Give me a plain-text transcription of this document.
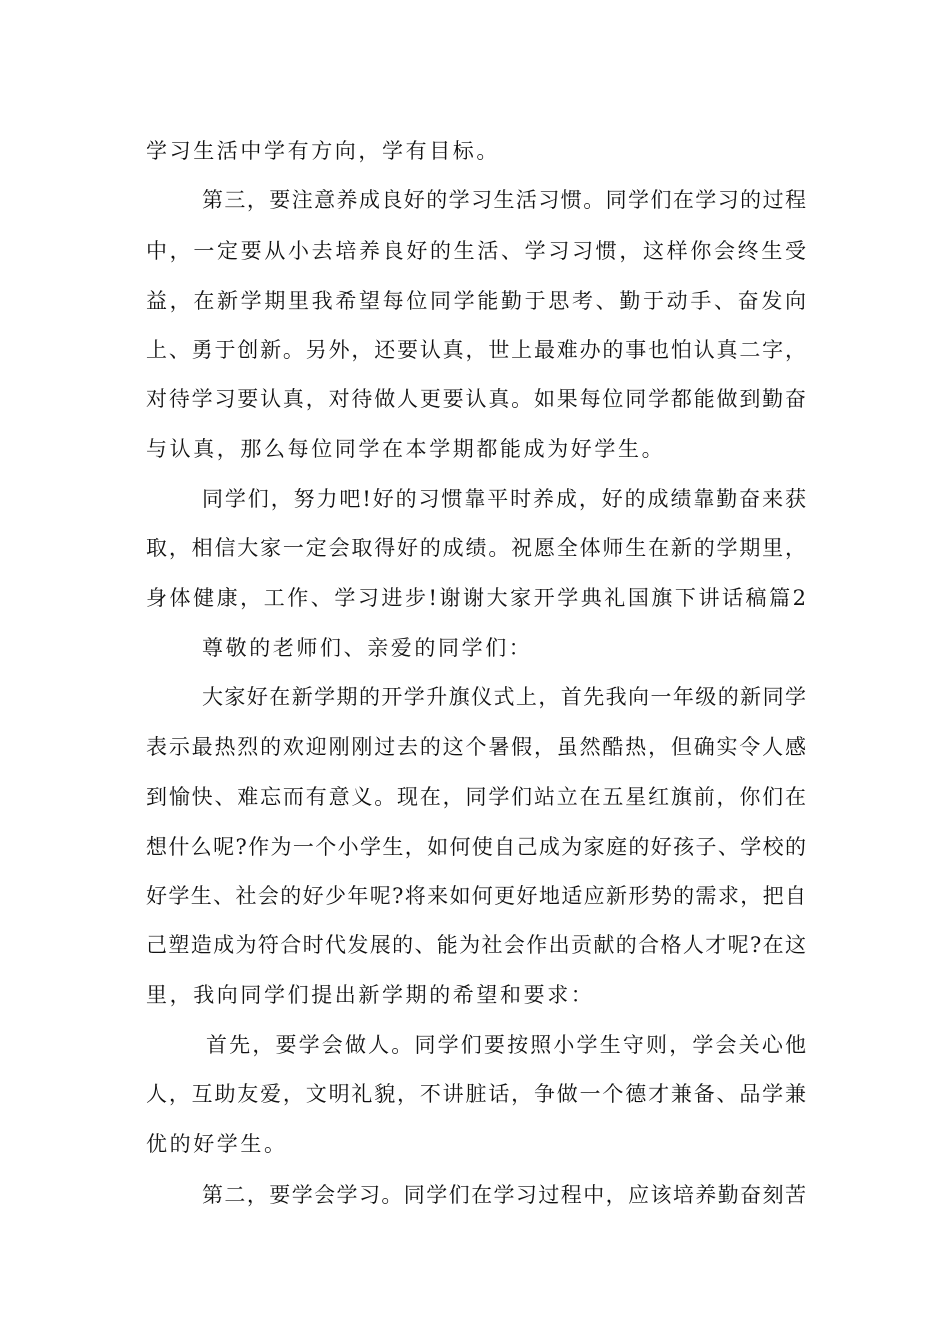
学习生活中学有方向，学有目标。
第三，要注意养成良好的学习生活习惯。同学们在学习的过程
中，一定要从小去培养良好的生活、学习习惯，这样你会终生受
益，在新学期里我希望每位同学能勤于思考、勤于动手、奋发向
上、勇于创新。另外，还要认真，世上最难办的事也怕认真二字，
对待学习要认真，对待做人更要认真。如果每位同学都能做到勤奋
与认真，那么每位同学在本学期都能成为好学生。
同学们，努力吧!好的习惯靠平时养成，好的成绩靠勤奋来获
取，相信大家一定会取得好的成绩。祝愿全体师生在新的学期里，
身体健康，工作、学习进步!谢谢大家开学典礼国旗下讲话稿篇2
尊敬的老师们、亲爱的同学们：
大家好在新学期的开学升旗仪式上，首先我向一年级的新同学
表示最热烈的欢迎刚刚过去的这个暑假，虽然酷热，但确实令人感
到愉快、难忘而有意义。现在，同学们站立在五星红旗前，你们在
想什么呢?作为一个小学生，如何使自己成为家庭的好孩子、学校的
好学生、社会的好少年呢?将来如何更好地适应新形势的需求，把自
己塑造成为符合时代发展的、能为社会作出贡献的合格人才呢?在这
里，我向同学们提出新学期的希望和要求：
首先，要学会做人。同学们要按照小学生守则，学会关心他
人，互助友爱，文明礼貌，不讲脏话，争做一个德才兼备、品学兼
优的好学生。
第二，要学会学习。同学们在学习过程中，应该培养勤奋刻苦
